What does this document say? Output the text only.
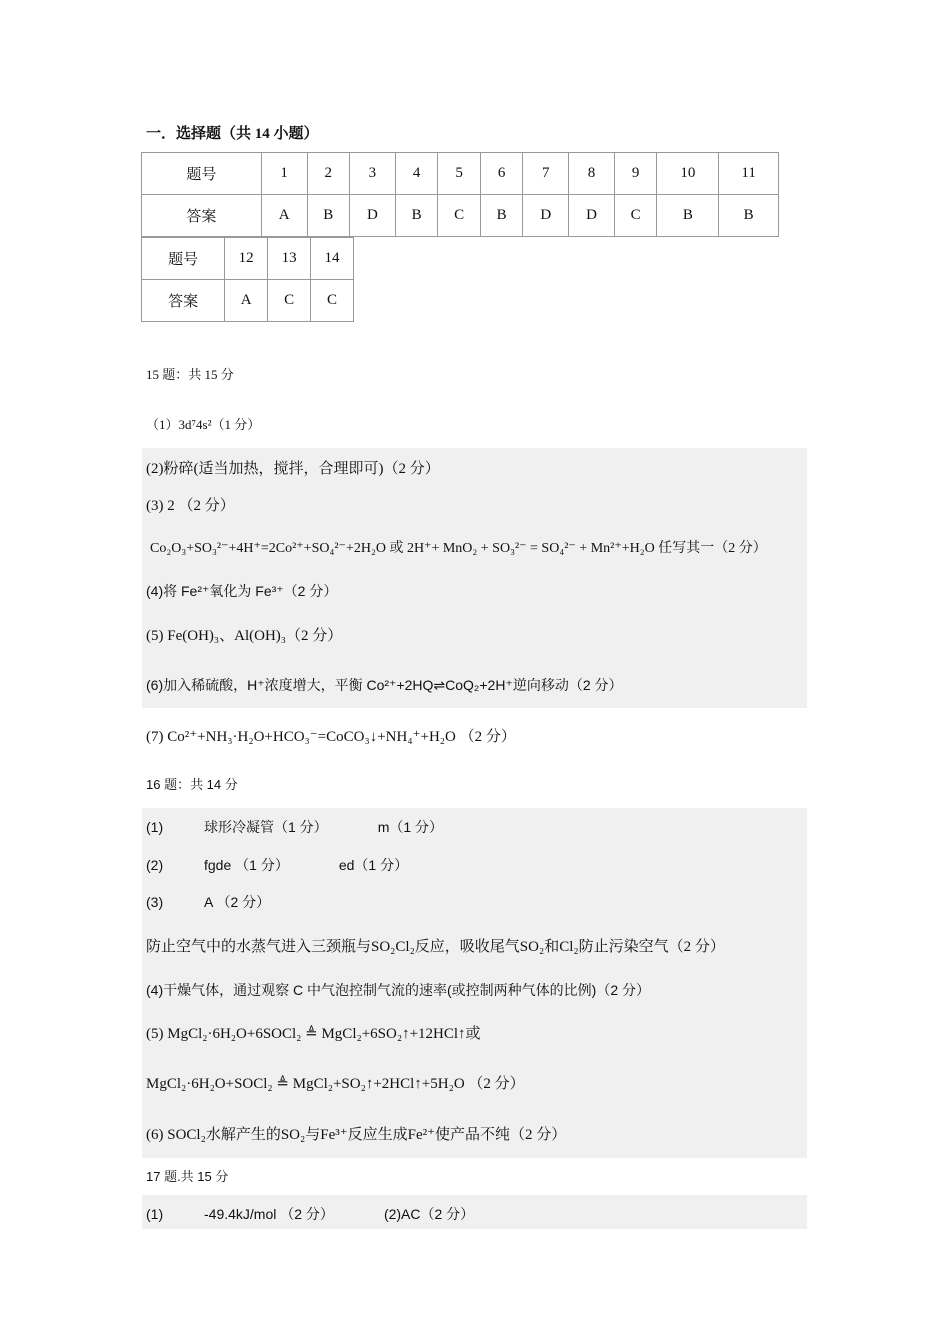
一．选择题（共 14 小题）
题号	1	2	3	4	5	6	7	8	9	10	11
答案	A	B	D	B	C	B	D	D	C	B	B
题号	12	13	14
答案	A	C	C
15 题：共 15 分
（1）3d⁷4s²（1 分）
(2)粉碎(适当加热，搅拌，合理即可)（2 分）
(3) 2 （2 分）
Co₂O₃+SO₃²⁻+4H⁺=2Co²⁺+SO₄²⁻+2H₂O 或 2H⁺+ MnO₂ + SO₃²⁻ = SO₄²⁻ + Mn²⁺+H₂O 任写其一（2 分）
(4)将 Fe²⁺氧化为 Fe³⁺（2 分）
(5) Fe(OH)₃、Al(OH)₃（2 分）
(6)加入稀硫酸，H⁺浓度增大，平衡 Co²⁺+2HQ⇌CoQ₂+2H⁺逆向移动（2 分）
(7) Co²⁺+NH₃·H₂O+HCO₃⁻=CoCO₃↓+NH₄⁺+H₂O （2 分）
16 题：共 14 分
(1)	球形冷凝管（1 分）	m（1 分）
(2)	fgde （1 分）	ed（1 分）
(3)	A （2 分）
防止空气中的水蒸气进入三颈瓶与SO₂Cl₂反应，吸收尾气SO₂和Cl₂防止污染空气（2 分）
(4)干燥气体，通过观察 C 中气泡控制气流的速率(或控制两种气体的比例)（2 分）
(5) MgCl₂·6H₂O+6SOCl₂ ≜ MgCl₂+6SO₂↑+12HCl↑或
MgCl₂·6H₂O+SOCl₂ ≜ MgCl₂+SO₂↑+2HCl↑+5H₂O （2 分）
(6) SOCl₂水解产生的SO₂与Fe³⁺反应生成Fe²⁺使产品不纯（2 分）
17 题.共 15 分
(1)	-49.4kJ/mol （2 分）	(2)AC（2 分）
